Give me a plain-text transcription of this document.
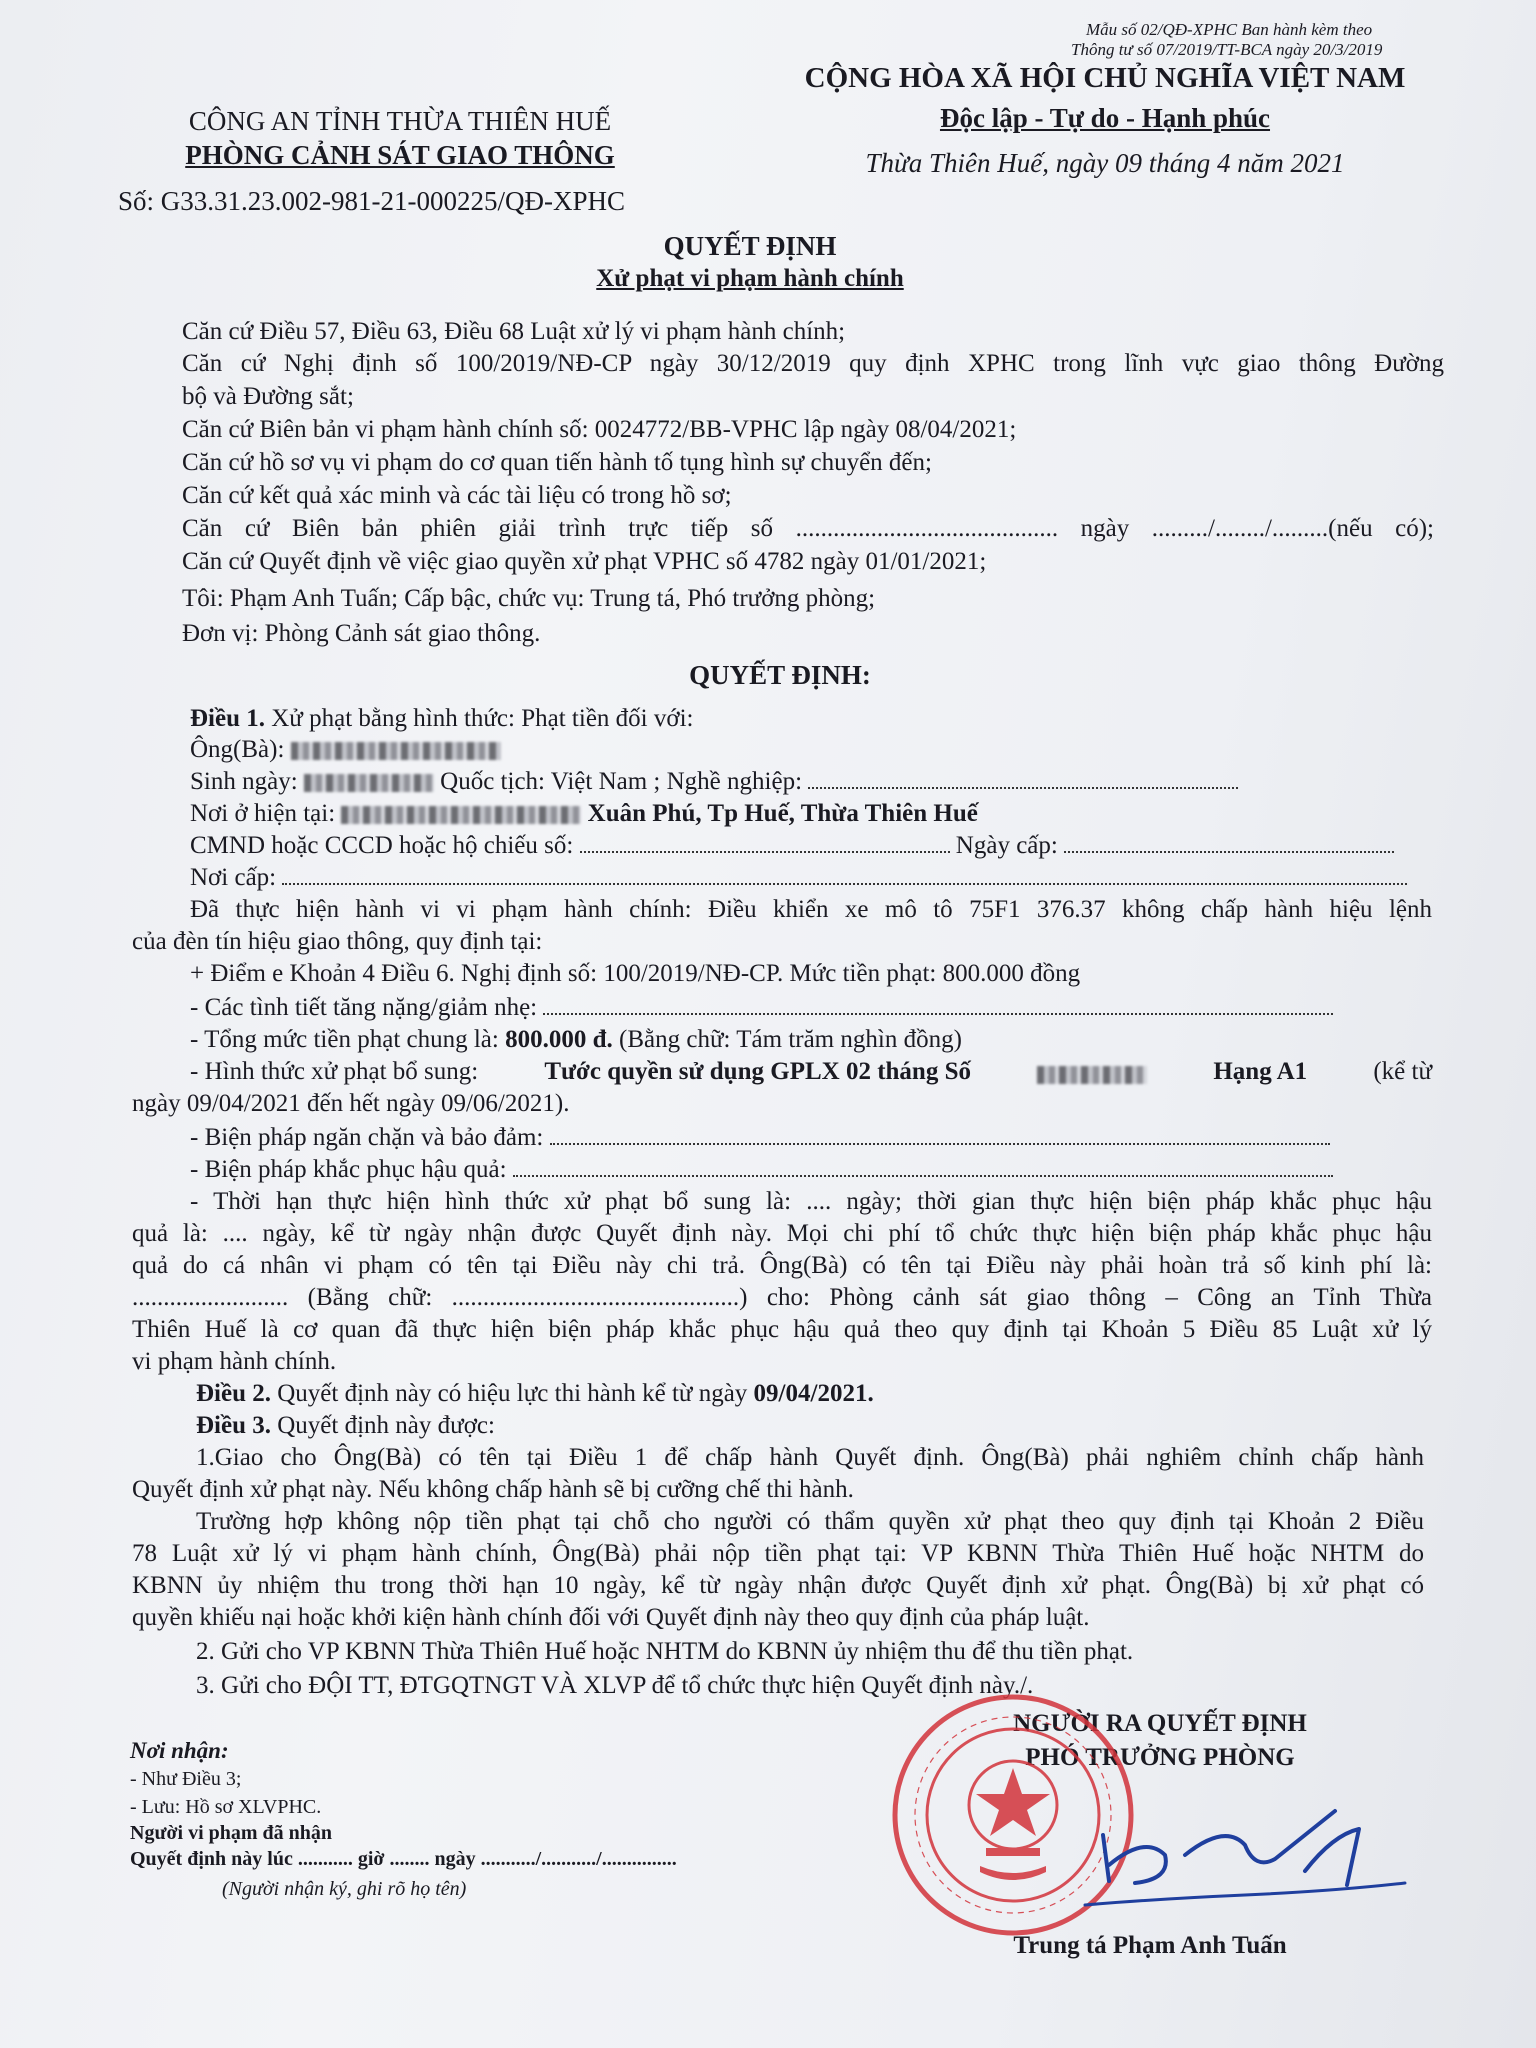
Mẫu số 02/QĐ-XPHC Ban hành kèm theo
Thông tư số 07/2019/TT-BCA ngày 20/3/2019
CÔNG AN TỈNH THỪA THIÊN HUẾ
PHÒNG CẢNH SÁT GIAO THÔNG
Số: G33.31.23.002-981-21-000225/QĐ-XPHC
CỘNG HÒA XÃ HỘI CHỦ NGHĨA VIỆT NAM
Độc lập - Tự do - Hạnh phúc
Thừa Thiên Huế, ngày 09 tháng 4 năm 2021
QUYẾT ĐỊNH
Xử phạt vi phạm hành chính
Căn cứ Điều 57, Điều 63, Điều 68 Luật xử lý vi phạm hành chính;
Căn cứ Nghị định số 100/2019/NĐ-CP ngày 30/12/2019 quy định XPHC trong lĩnh vực giao thông Đường
bộ và Đường sắt;
Căn cứ Biên bản vi phạm hành chính số: 0024772/BB-VPHC lập ngày 08/04/2021;
Căn cứ hồ sơ vụ vi phạm do cơ quan tiến hành tố tụng hình sự chuyển đến;
Căn cứ kết quả xác minh và các tài liệu có trong hồ sơ;
Căn cứ Biên bản phiên giải trình trực tiếp số .......................................... ngày ........./......../.........(nếu có);
Căn cứ Quyết định về việc giao quyền xử phạt VPHC số 4782 ngày 01/01/2021;
Tôi: Phạm Anh Tuấn; Cấp bậc, chức vụ: Trung tá, Phó trưởng phòng;
Đơn vị: Phòng Cảnh sát giao thông.
QUYẾT ĐỊNH:
Điều 1. Xử phạt bằng hình thức: Phạt tiền đối với:
Ông(Bà):
Sinh ngày:	Quốc tịch: Việt Nam ; Nghề nghiệp:
Nơi ở hiện tại:	Xuân Phú, Tp Huế, Thừa Thiên Huế
CMND hoặc CCCD hoặc hộ chiếu số:	Ngày cấp:
Nơi cấp:
Đã thực hiện hành vi vi phạm hành chính: Điều khiển xe mô tô 75F1 376.37 không chấp hành hiệu lệnh
của đèn tín hiệu giao thông, quy định tại:
+ Điểm e Khoản 4 Điều 6. Nghị định số: 100/2019/NĐ-CP. Mức tiền phạt: 800.000 đồng
- Các tình tiết tăng nặng/giảm nhẹ:
- Tổng mức tiền phạt chung là: 800.000 đ. (Bằng chữ: Tám trăm nghìn đồng)
- Hình thức xử phạt bổ sung:	Tước quyền sử dụng GPLX 02 tháng Số	Hạng A1	(kể từ
ngày 09/04/2021 đến hết ngày 09/06/2021).
- Biện pháp ngăn chặn và bảo đảm:
- Biện pháp khắc phục hậu quả:
- Thời hạn thực hiện hình thức xử phạt bổ sung là: .... ngày; thời gian thực hiện biện pháp khắc phục hậu
quả là: .... ngày, kể từ ngày nhận được Quyết định này. Mọi chi phí tổ chức thực hiện biện pháp khắc phục hậu
quả do cá nhân vi phạm có tên tại Điều này chi trả. Ông(Bà) có tên tại Điều này phải hoàn trả số kinh phí là:
......................... (Bằng chữ: ..............................................) cho: Phòng cảnh sát giao thông – Công an Tỉnh Thừa
Thiên Huế là cơ quan đã thực hiện biện pháp khắc phục hậu quả theo quy định tại Khoản 5 Điều 85 Luật xử lý
vi phạm hành chính.
Điều 2. Quyết định này có hiệu lực thi hành kể từ ngày 09/04/2021.
Điều 3. Quyết định này được:
1.Giao cho Ông(Bà) có tên tại Điều 1 để chấp hành Quyết định. Ông(Bà) phải nghiêm chỉnh chấp hành
Quyết định xử phạt này. Nếu không chấp hành sẽ bị cưỡng chế thi hành.
Trường hợp không nộp tiền phạt tại chỗ cho người có thẩm quyền xử phạt theo quy định tại Khoản 2 Điều
78 Luật xử lý vi phạm hành chính, Ông(Bà) phải nộp tiền phạt tại: VP KBNN Thừa Thiên Huế hoặc NHTM do
KBNN ủy nhiệm thu trong thời hạn 10 ngày, kể từ ngày nhận được Quyết định xử phạt. Ông(Bà) bị xử phạt có
quyền khiếu nại hoặc khởi kiện hành chính đối với Quyết định này theo quy định của pháp luật.
2. Gửi cho VP KBNN Thừa Thiên Huế hoặc NHTM do KBNN ủy nhiệm thu để thu tiền phạt.
3. Gửi cho ĐỘI TT, ĐTGQTNGT VÀ XLVP để tổ chức thực hiện Quyết định này./.
Nơi nhận:
- Như Điều 3;
- Lưu: Hồ sơ XLVPHC.
Người vi phạm đã nhận
Quyết định này lúc ........... giờ ........ ngày .........../.........../...............
(Người nhận ký, ghi rõ họ tên)
NGƯỜI RA QUYẾT ĐỊNH
PHÓ TRƯỞNG PHÒNG
Trung tá Phạm Anh Tuấn
